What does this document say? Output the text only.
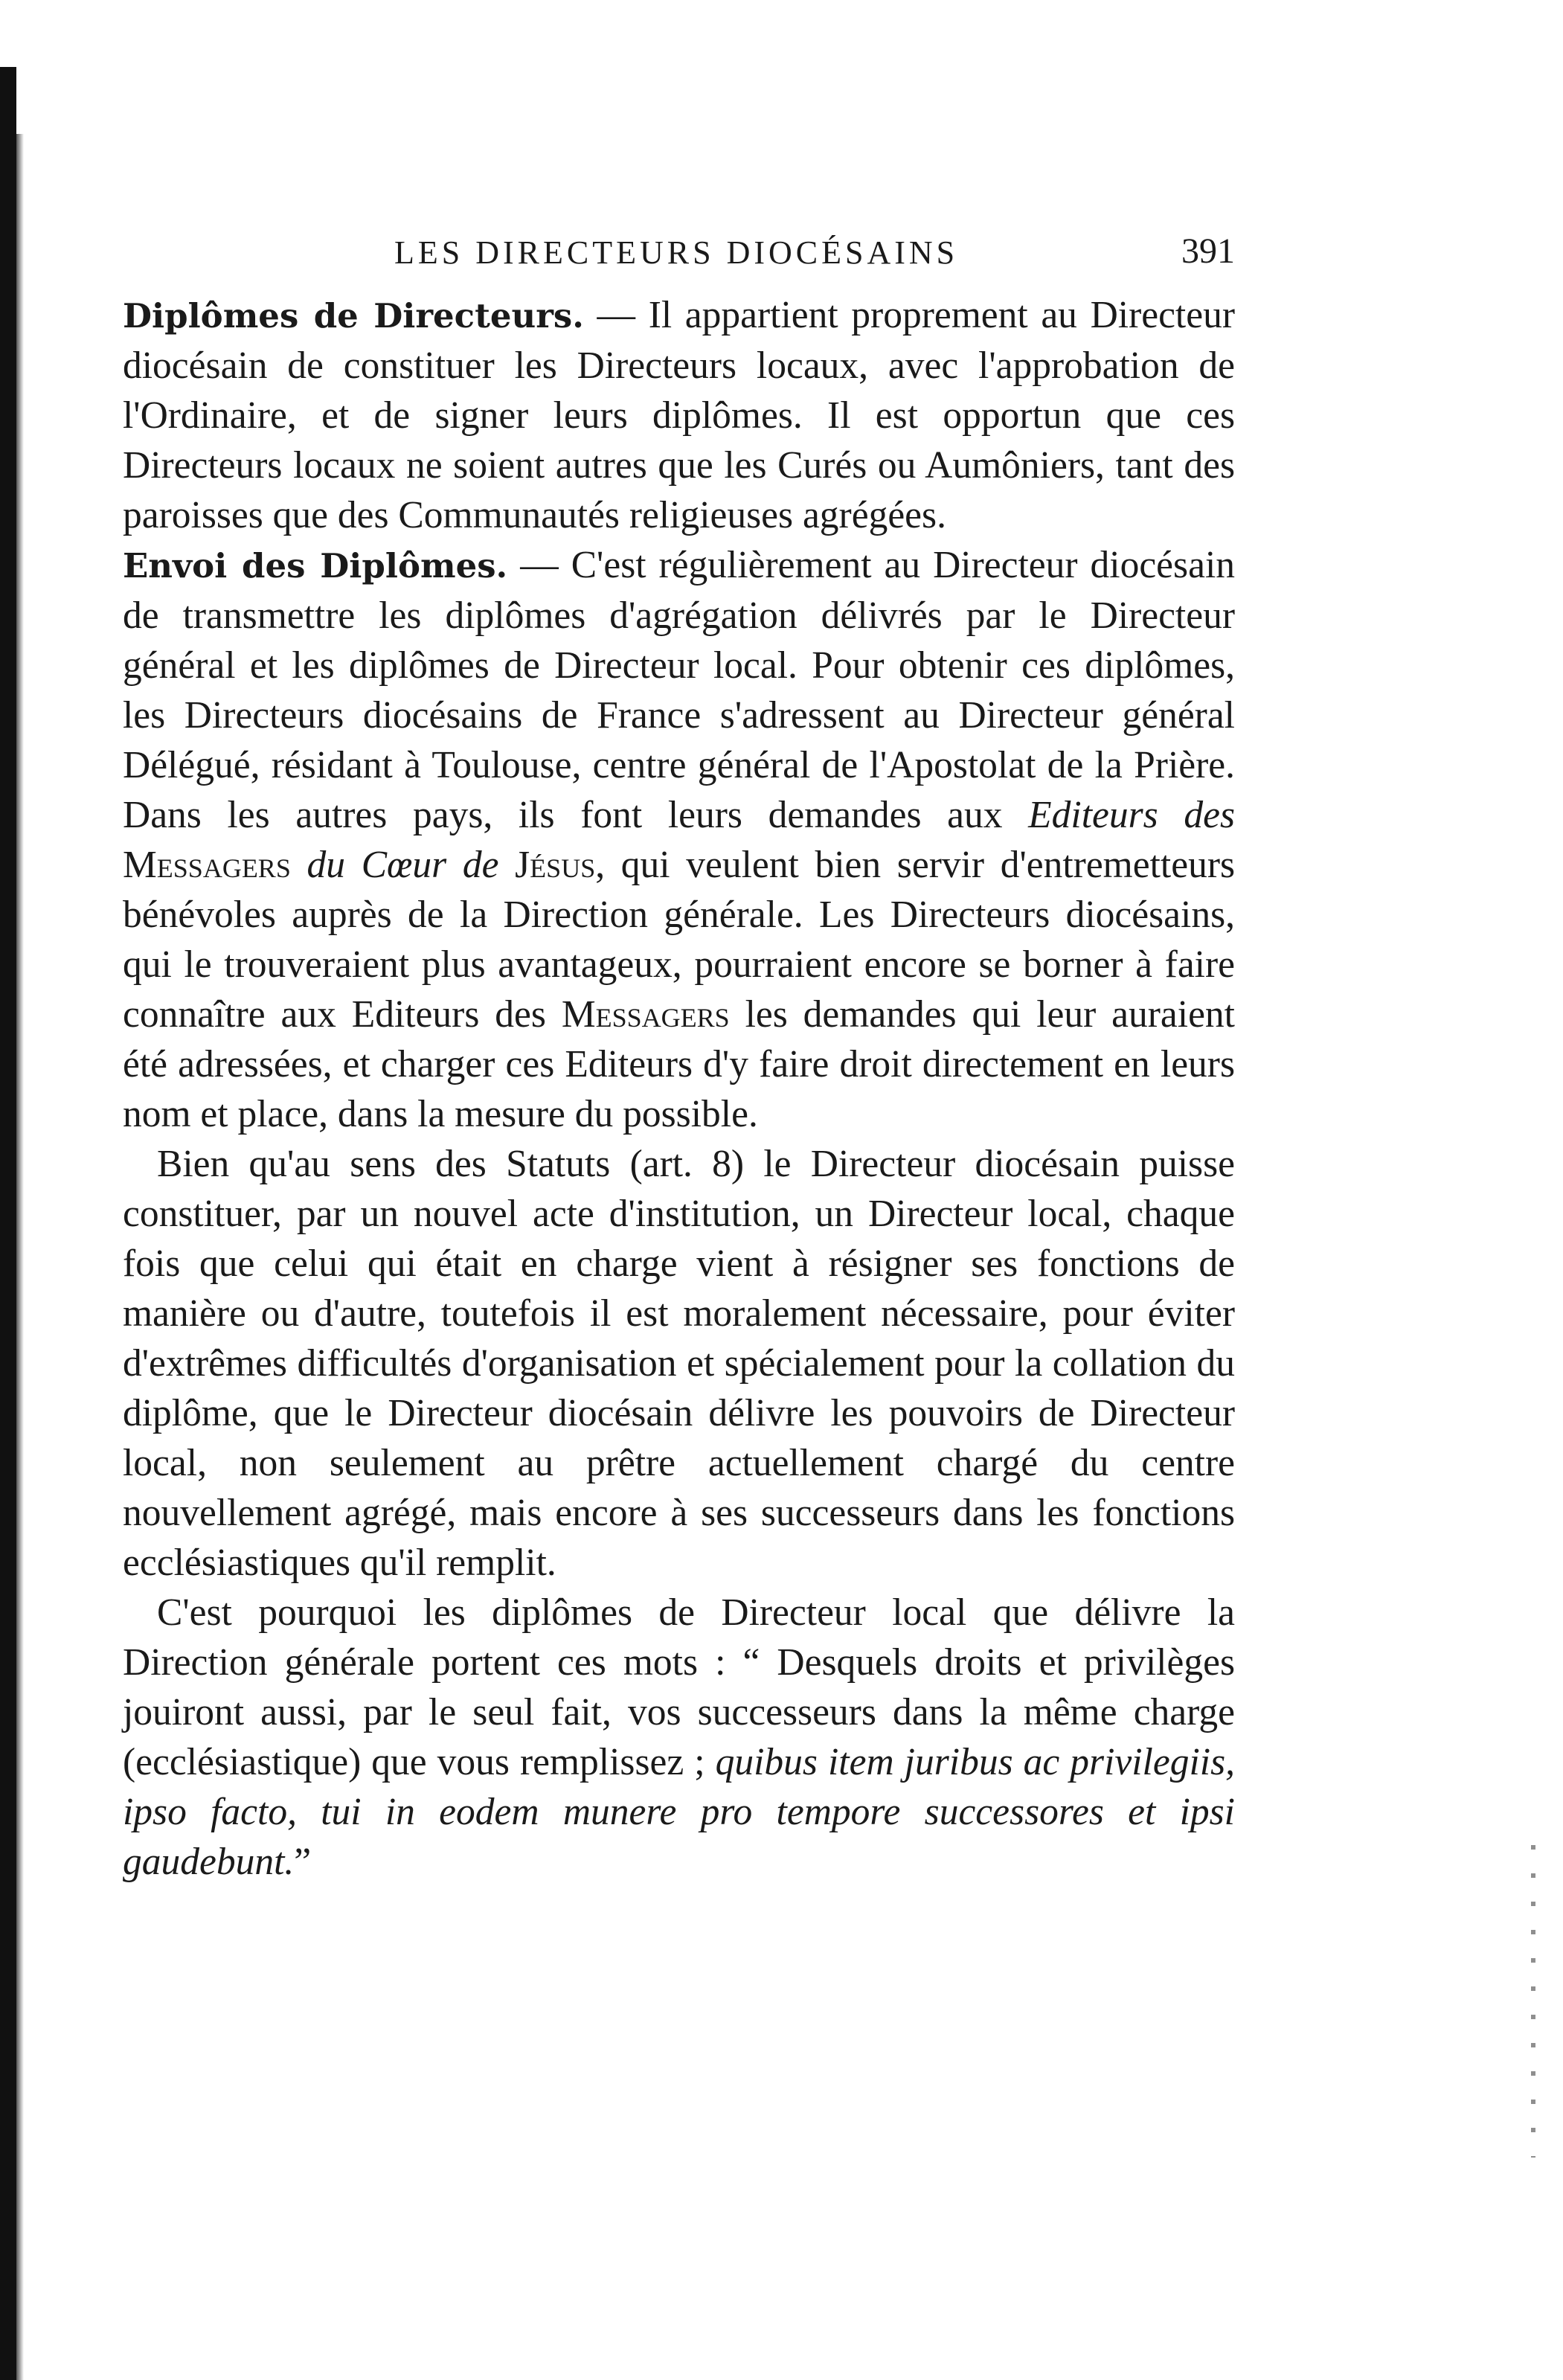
LES DIRECTEURS DIOCÉSAINS	391

Diplômes de Directeurs. — Il appartient proprement au Directeur diocésain de constituer les Directeurs locaux, avec l'approbation de l'Ordinaire, et de signer leurs diplômes. Il est opportun que ces Directeurs locaux ne soient autres que les Curés ou Aumôniers, tant des paroisses que des Communautés religieuses agrégées.

Envoi des Diplômes. — C'est régulièrement au Directeur diocésain de transmettre les diplômes d'agrégation délivrés par le Directeur général et les diplômes de Directeur local. Pour obtenir ces diplômes, les Directeurs diocésains de France s'adressent au Directeur général Délégué, résidant à Toulouse, centre général de l'Apostolat de la Prière. Dans les autres pays, ils font leurs demandes aux Editeurs des Messagers du Cœur de Jésus, qui veulent bien servir d'entremetteurs bénévoles auprès de la Direction générale. Les Directeurs diocésains, qui le trouveraient plus avantageux, pourraient encore se borner à faire connaître aux Editeurs des Messagers les demandes qui leur auraient été adressées, et charger ces Editeurs d'y faire droit directement en leurs nom et place, dans la mesure du possible.

Bien qu'au sens des Statuts (art. 8) le Directeur diocésain puisse constituer, par un nouvel acte d'institution, un Directeur local, chaque fois que celui qui était en charge vient à résigner ses fonctions de manière ou d'autre, toutefois il est moralement nécessaire, pour éviter d'extrêmes difficultés d'organisation et spécialement pour la collation du diplôme, que le Directeur diocésain délivre les pouvoirs de Directeur local, non seulement au prêtre actuellement chargé du centre nouvellement agrégé, mais encore à ses successeurs dans les fonctions ecclésiastiques qu'il remplit.

C'est pourquoi les diplômes de Directeur local que délivre la Direction générale portent ces mots : “ Desquels droits et privilèges jouiront aussi, par le seul fait, vos successeurs dans la même charge (ecclésiastique) que vous remplissez ; quibus item juribus ac privilegiis, ipso facto, tui in eodem munere pro tempore successores et ipsi gaudebunt.”
